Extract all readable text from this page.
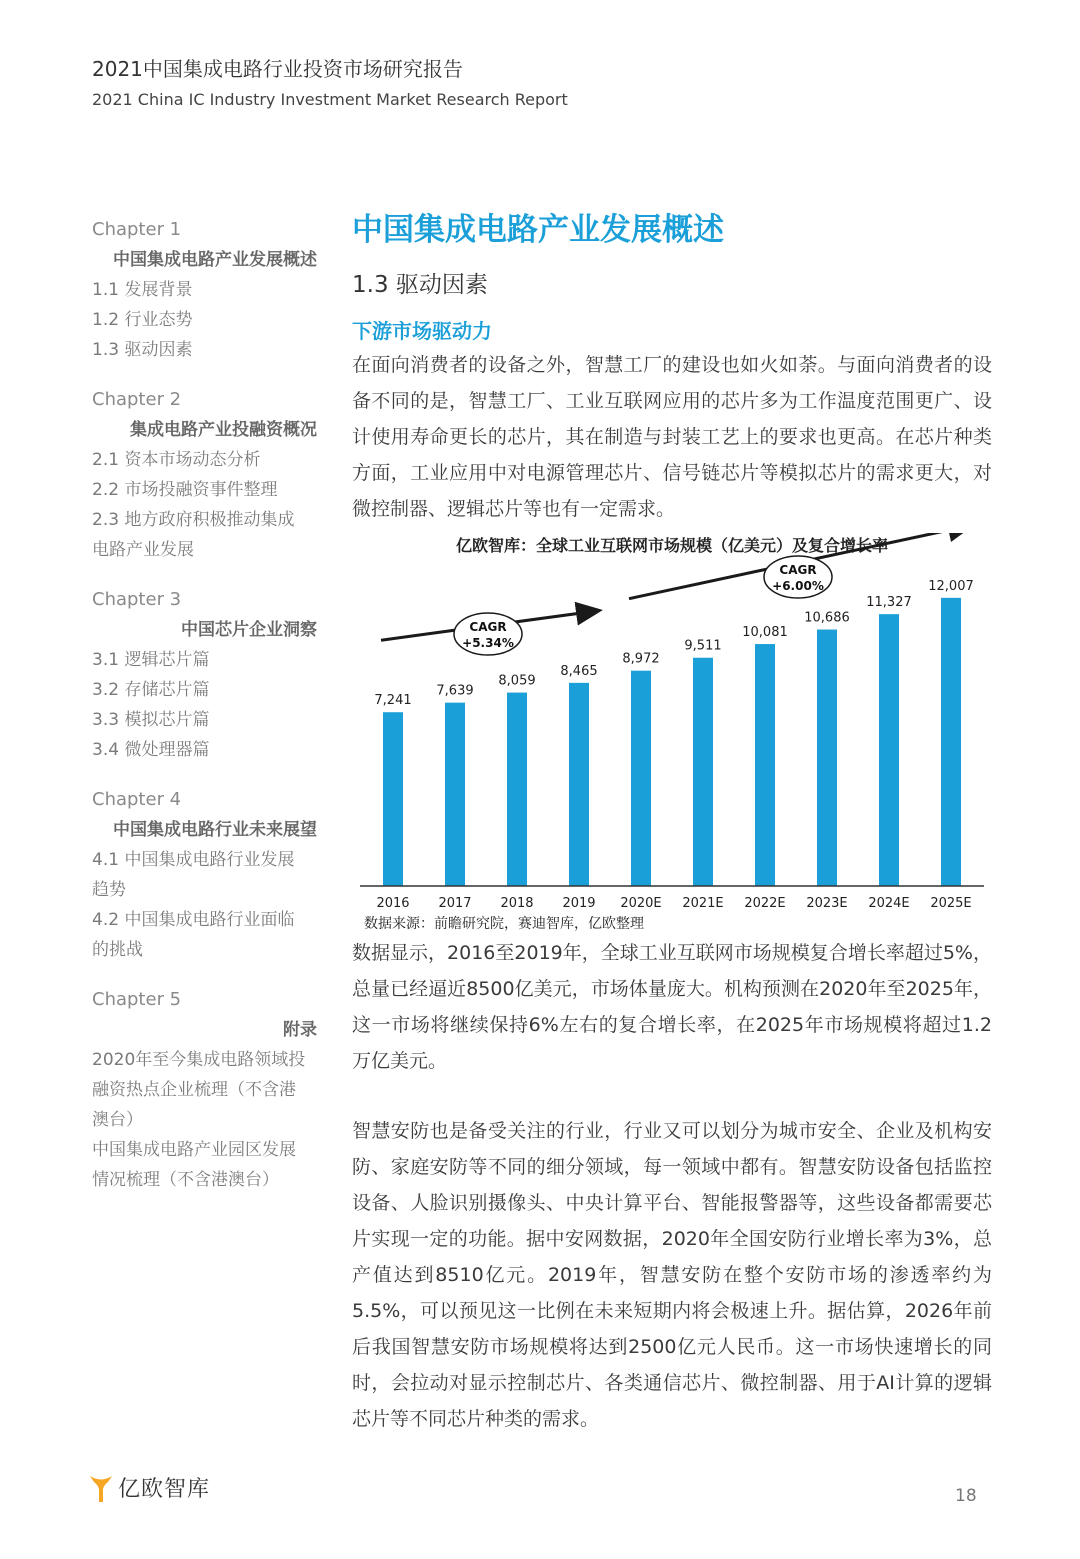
2021中国集成电路行业投资市场研究报告
2021 China IC Industry Investment Market Research Report
Chapter 1
中国集成电路产业发展概述
1.1 发展背景
1.2 行业态势
1.3 驱动因素
Chapter 2
集成电路产业投融资概况
2.1 资本市场动态分析
2.2 市场投融资事件整理
2.3 地方政府积极推动集成
电路产业发展
Chapter 3
中国芯片企业洞察
3.1 逻辑芯片篇
3.2 存储芯片篇
3.3 模拟芯片篇
3.4 微处理器篇
Chapter 4
中国集成电路行业未来展望
4.1 中国集成电路行业发展
趋势
4.2 中国集成电路行业面临
的挑战
Chapter 5
附录
2020年至今集成电路领域投
融资热点企业梳理（不含港
澳台）
中国集成电路产业园区发展
情况梳理（不含港澳台）
中国集成电路产业发展概述
1.3 驱动因素
下游市场驱动力

在面向消费者的设备之外，智慧工厂的建设也如火如荼。与面向消费者的设备不同的是，智慧工厂、工业互联网应用的芯片多为工作温度范围更广、设计使用寿命更长的芯片，其在制造与封装工艺上的要求也更高。在芯片种类方面，工业应用中对电源管理芯片、信号链芯片等模拟芯片的需求更大，对微控制器、逻辑芯片等也有一定需求。

亿欧智库：全球工业互联网市场规模（亿美元）及复合增长率
7,241
2016
7,639
2017
8,059
2018
8,465
2019
8,972
2020E
9,511
2021E
10,081
2022E
10,686
2023E
11,327
2024E
12,007
2025E
CAGR
+5.34%
CAGR
+6.00%
数据来源：前瞻研究院，赛迪智库，亿欧整理

数据显示，2016至2019年，全球工业互联网市场规模复合增长率超过5%，总量已经逼近8500亿美元，市场体量庞大。机构预测在2020年至2025年，这一市场将继续保持6%左右的复合增长率，在2025年市场规模将超过1.2万亿美元。

智慧安防也是备受关注的行业，行业又可以划分为城市安全、企业及机构安防、家庭安防等不同的细分领域，每一领域中都有。智慧安防设备包括监控设备、人脸识别摄像头、中央计算平台、智能报警器等，这些设备都需要芯片实现一定的功能。据中安网数据，2020年全国安防行业增长率为3%，总产值达到8510亿元。2019年，智慧安防在整个安防市场的渗透率约为5.5%，可以预见这一比例在未来短期内将会极速上升。据估算，2026年前后我国智慧安防市场规模将达到2500亿元人民币。这一市场快速增长的同时，会拉动对显示控制芯片、各类通信芯片、微控制器、用于AI计算的逻辑芯片等不同芯片种类的需求。

亿欧智库	18
